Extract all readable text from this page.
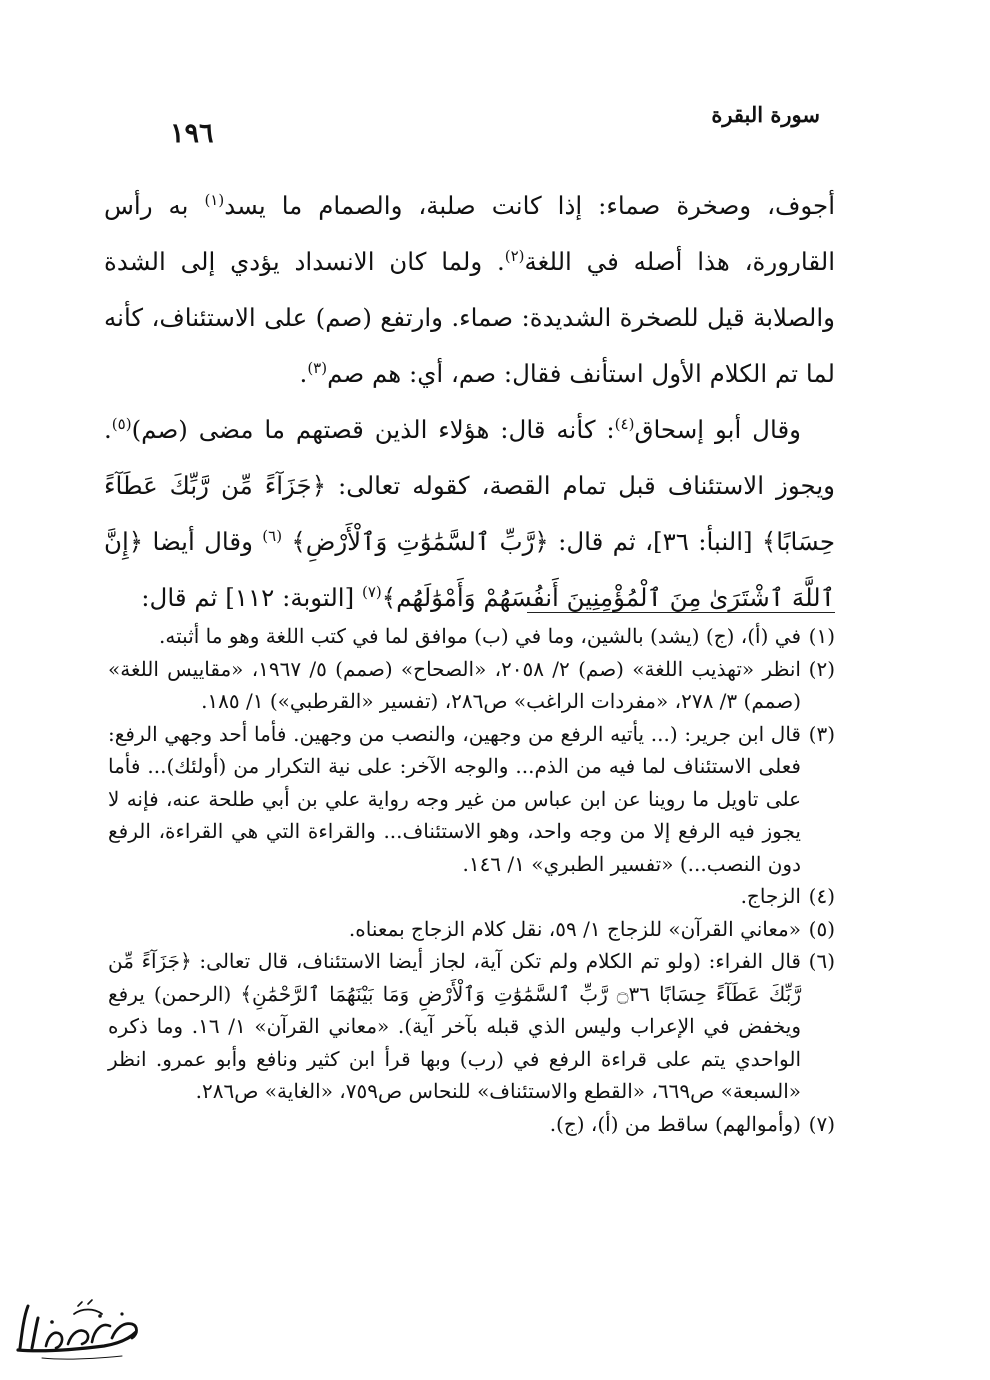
سورة البقرة
١٩٦

أجوف، وصخرة صماء: إذا كانت صلبة، والصمام ما يسد$^{(١)}$ به رأس القارورة، هذا أصله في اللغة$^{(٢)}$. ولما كان الانسداد يؤدي إلى الشدة والصلابة قيل للصخرة الشديدة: صماء. وارتفع (صم) على الاستئناف، كأنه لما تم الكلام الأول استأنف فقال: صم، أي: هم صم$^{(٣)}$.

وقال أبو إسحاق$^{(٤)}$: كأنه قال: هؤلاء الذين قصتهم ما مضى (صم)$^{(٥)}$. ويجوز الاستئناف قبل تمام القصة، كقوله تعالى: ﴿جَزَآءً مِّن رَّبِّكَ عَطَآءً حِسَابًا﴾ [النبأ: ٣٦]، ثم قال: ﴿رَّبِّ ٱلسَّمَٰوَٰتِ وَٱلْأَرْضِ﴾ $^{(٦)}$ وقال أيضا ﴿إِنَّ ٱللَّهَ ٱشْتَرَىٰ مِنَ ٱلْمُؤْمِنِينَ أَنفُسَهُمْ وَأَمْوَٰلَهُم﴾$^{(٧)}$ [التوبة: ١١٢] ثم قال:

(١)
في (أ)، (ج) (يشد) بالشين، وما في (ب) موافق لما في كتب اللغة وهو ما أثبته.
(٢)
انظر «تهذيب اللغة» (صم) ٢/ ٢٠٥٨، «الصحاح» (صمم) ٥/ ١٩٦٧، «مقاييس اللغة» (صمم) ٣/ ٢٧٨، «مفردات الراغب» ص٢٨٦، (تفسير «القرطبي») ١/ ١٨٥.
(٣)
قال ابن جرير: (... يأتيه الرفع من وجهين، والنصب من وجهين. فأما أحد وجهي الرفع: فعلى الاستئناف لما فيه من الذم... والوجه الآخر: على نية التكرار من (أولئك)... فأما على تاويل ما روينا عن ابن عباس من غير وجه رواية علي بن أبي طلحة عنه، فإنه لا يجوز فيه الرفع إلا من وجه واحد، وهو الاستئناف... والقراءة التي هي القراءة، الرفع دون النصب...) «تفسير الطبري» ١/ ١٤٦.
(٤)
الزجاج.
(٥)
«معاني القرآن» للزجاج ١/ ٥٩، نقل كلام الزجاج بمعناه.
(٦)
قال الفراء: (ولو تم الكلام ولم تكن آية، لجاز أيضا الاستئناف، قال تعالى: ﴿جَزَآءً مِّن رَّبِّكَ عَطَآءً حِسَابًا ۝٣٦ رَّبِّ ٱلسَّمَٰوَٰتِ وَٱلْأَرْضِ وَمَا بَيْنَهُمَا ٱلرَّحْمَٰنِ﴾ (الرحمن) يرفع ويخفض في الإعراب وليس الذي قبله بآخر آية). «معاني القرآن» ١/ ١٦. وما ذكره الواحدي يتم على قراءة الرفع في (رب) وبها قرأ ابن كثير ونافع وأبو عمرو. انظر «السبعة» ص٦٦٩، «القطع والاستئناف» للنحاس ص٧٥٩، «الغاية» ص٢٨٦.
(٧)
(وأموالهم) ساقط من (أ)، (ج).
